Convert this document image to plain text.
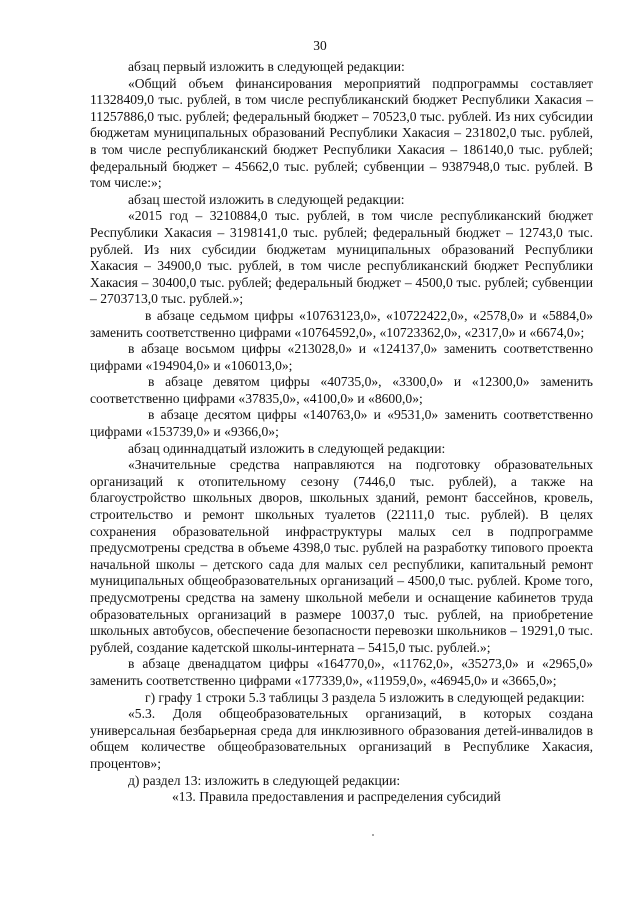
30

абзац первый изложить в следующей редакции:

«Общий объем финансирования мероприятий подпрограммы составляет 11328409,0 тыс. рублей, в том числе республиканский бюджет Республики Хакасия – 11257886,0 тыс. рублей; федеральный бюджет – 70523,0 тыс. рублей. Из них субсидии бюджетам муниципальных образований Республики Хакасия – 231802,0 тыс. рублей, в том числе республиканский бюджет Республики Хакасия – 186140,0 тыс. рублей; федеральный бюджет – 45662,0 тыс. рублей; субвенции – 9387948,0 тыс. рублей. В том числе:»;

абзац шестой изложить в следующей редакции:

«2015 год – 3210884,0 тыс. рублей, в том числе республиканский бюджет Республики Хакасия – 3198141,0 тыс. рублей; федеральный бюджет – 12743,0 тыс. рублей. Из них субсидии бюджетам муниципальных образований Республики Хакасия – 34900,0 тыс. рублей, в том числе республиканский бюджет Республики Хакасия – 30400,0 тыс. рублей; федеральный бюджет – 4500,0 тыс. рублей; субвенции – 2703713,0 тыс. рублей.»;

в абзаце седьмом цифры «10763123,0», «10722422,0», «2578,0» и «5884,0» заменить соответственно цифрами «10764592,0», «10723362,0», «2317,0» и «6674,0»;

в абзаце восьмом цифры «213028,0» и «124137,0» заменить соответственно цифрами «194904,0» и «106013,0»;

в абзаце девятом цифры «40735,0», «3300,0» и «12300,0» заменить соответственно цифрами «37835,0», «4100,0» и «8600,0»;

в абзаце десятом цифры «140763,0» и «9531,0» заменить соответственно цифрами «153739,0» и «9366,0»;

абзац одиннадцатый изложить в следующей редакции:

«Значительные средства направляются на подготовку образовательных организаций к отопительному сезону (7446,0 тыс. рублей), а также на благоустройство школьных дворов, школьных зданий, ремонт бассейнов, кровель, строительство и ремонт школьных туалетов (22111,0 тыс. рублей). В целях сохранения образовательной инфраструктуры малых сел в подпрограмме предусмотрены средства в объеме 4398,0 тыс. рублей на разработку типового проекта начальной школы – детского сада для малых сел республики, капитальный ремонт муниципальных общеобразовательных организаций – 4500,0 тыс. рублей. Кроме того, предусмотрены средства на замену школьной мебели и оснащение кабинетов труда образовательных организаций в размере 10037,0 тыс. рублей, на приобретение школьных автобусов, обеспечение безопасности перевозки школьников – 19291,0 тыс. рублей, создание кадетской школы-интерната – 5415,0 тыс. рублей.»;

в абзаце двенадцатом цифры «164770,0», «11762,0», «35273,0» и «2965,0» заменить соответственно цифрами «177339,0», «11959,0», «46945,0» и «3665,0»;

г) графу 1 строки 5.3 таблицы 3 раздела 5 изложить в следующей редакции:

«5.3. Доля общеобразовательных организаций, в которых создана универсальная безбарьерная среда для инклюзивного образования детей-инвалидов в общем количестве общеобразовательных организаций в Республике Хакасия, процентов»;

д) раздел 13: изложить в следующей редакции:

«13. Правила предоставления и распределения субсидий
